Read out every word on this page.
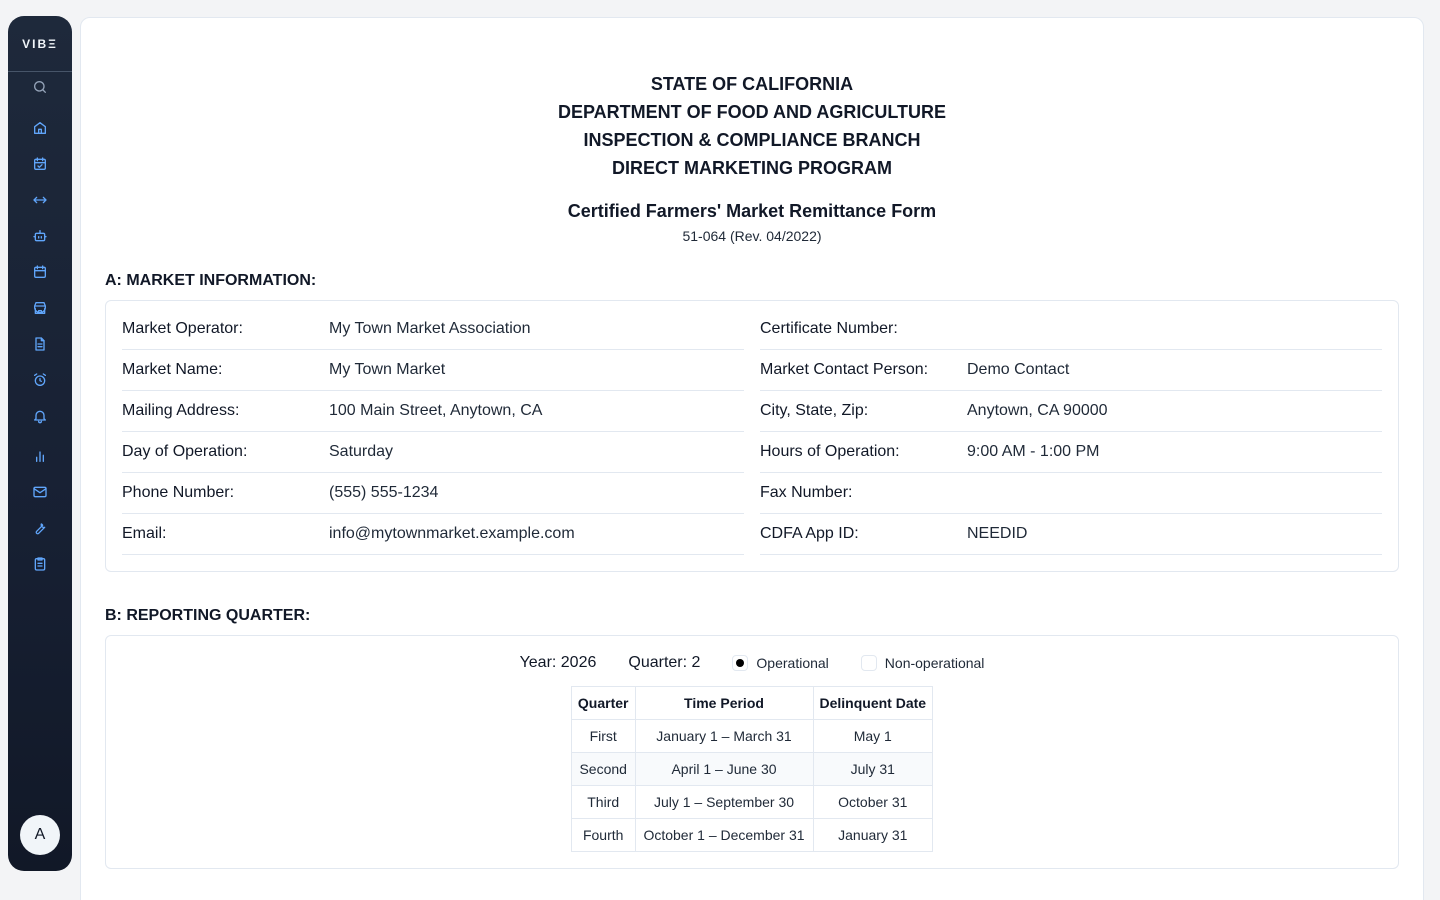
VIBΞ
A
STATE OF CALIFORNIA
DEPARTMENT OF FOOD AND AGRICULTURE
INSPECTION & COMPLIANCE BRANCH
DIRECT MARKETING PROGRAM
Certified Farmers' Market Remittance Form
51-064 (Rev. 04/2022)
A: MARKET INFORMATION:
Market Operator:	My Town Market Association
Market Name:	My Town Market
Mailing Address:	100 Main Street, Anytown, CA
Day of Operation:	Saturday
Phone Number:	(555) 555-1234
Email:	info@mytownmarket.example.com
Certificate Number:
Market Contact Person:	Demo Contact
City, State, Zip:	Anytown, CA 90000
Hours of Operation:	9:00 AM - 1:00 PM
Fax Number:
CDFA App ID:	NEEDID
B: REPORTING QUARTER:
Year: 2026 Quarter: 2	Operational	Non-operational
Quarter	Time Period	Delinquent Date
First	January 1 – March 31	May 1
Second	April 1 – June 30	July 31
Third	July 1 – September 30	October 31
Fourth	October 1 – December 31	January 31
